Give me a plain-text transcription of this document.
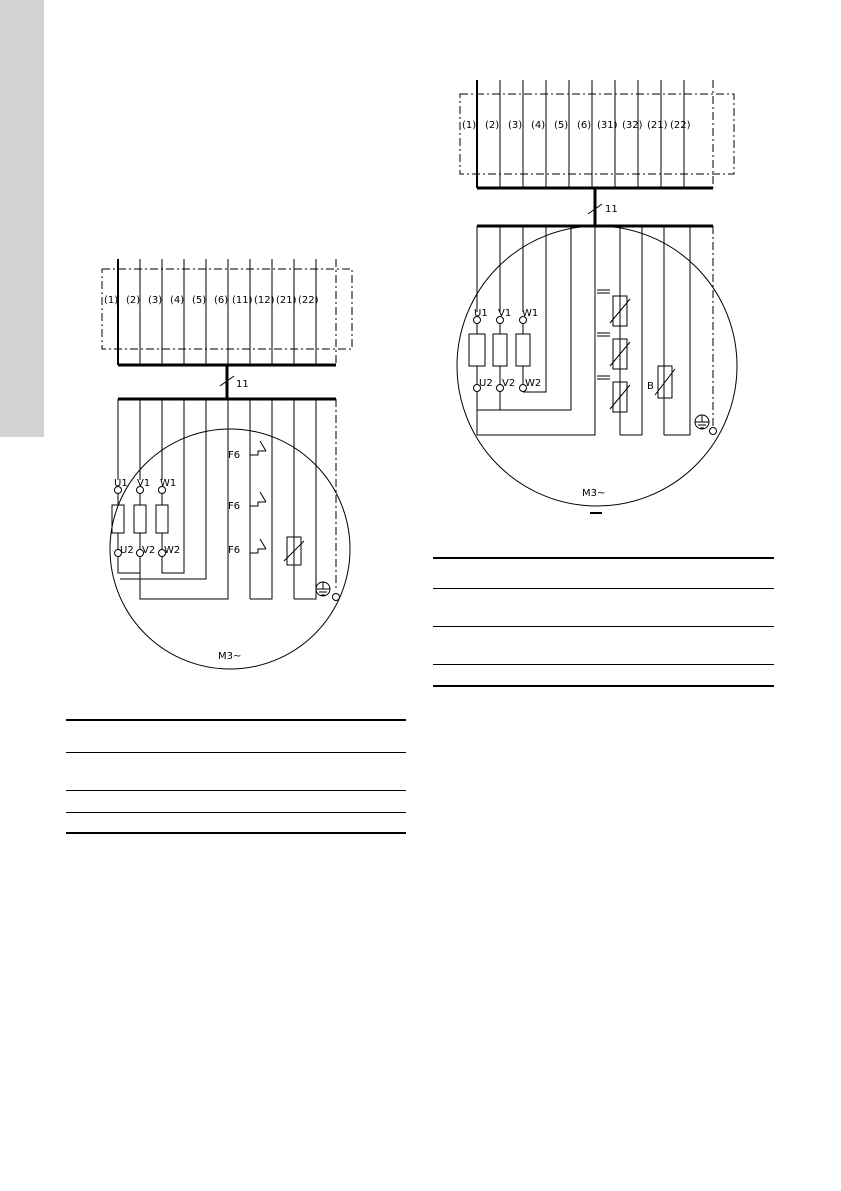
(1) (2) (3) (4) (5) (6) (11) (12) (21) (22)
11
U1 V1 W1
U2 V2 W2
F6
F6
F6
M3~
(1) (2) (3) (4) (5) (6) (31) (32) (21) (22)
11
U1 V1 W1
U2 V2 W2	B
M3~
